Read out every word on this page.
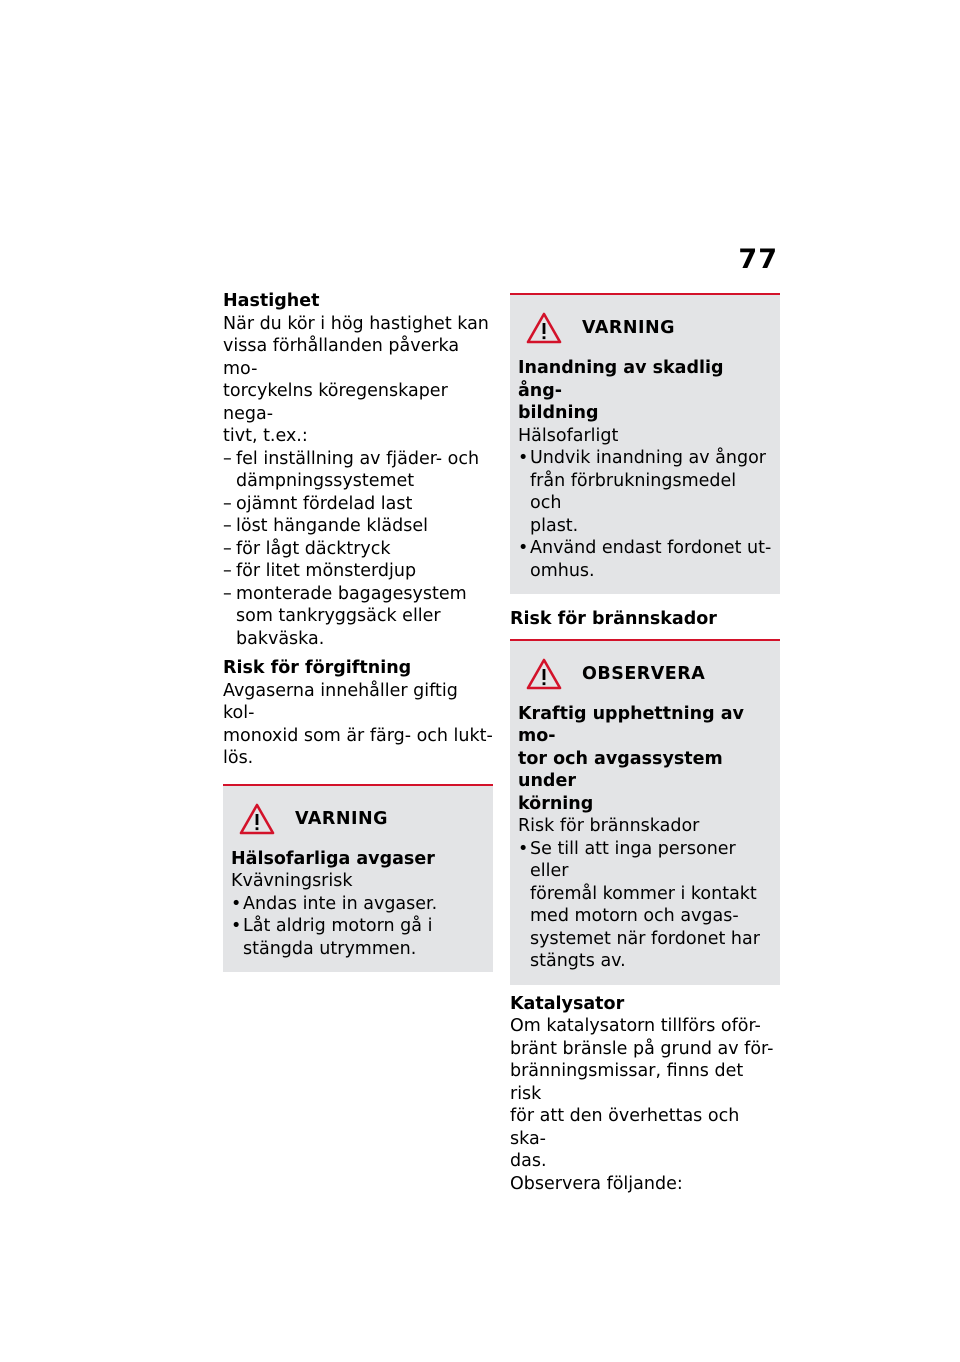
77
Hastighet
När du kör i hög hastighet kan
vissa förhållanden påverka mo-
torcykelns köregenskaper nega-
tivt, t.ex.:
– fel inställning av fjäder- och
dämpningssystemet
– ojämnt fördelad last
– löst hängande klädsel
– för lågt däcktryck
– för litet mönsterdjup
– monterade bagagesystem
som tankryggsäck eller
bakväska.
Risk för förgiftning
Avgaserna innehåller giftig kol-
monoxid som är färg- och lukt-
lös.
VARNING
Hälsofarliga avgaser
Kvävningsrisk
• Andas inte in avgaser.
• Låt aldrig motorn gå i
stängda utrymmen.
VARNING
Inandning av skadlig ång-
bildning
Hälsofarligt
• Undvik inandning av ångor
från förbrukningsmedel och
plast.
• Använd endast fordonet ut-
omhus.
Risk för brännskador
OBSERVERA
Kraftig upphettning av mo-
tor och avgassystem under
körning
Risk för brännskador
• Se till att inga personer eller
föremål kommer i kontakt
med motorn och avgas-
systemet när fordonet har
stängts av.
Katalysator
Om katalysatorn tillförs oför-
bränt bränsle på grund av för-
bränningsmissar, finns det risk
för att den överhettas och ska-
das.
Observera följande:
